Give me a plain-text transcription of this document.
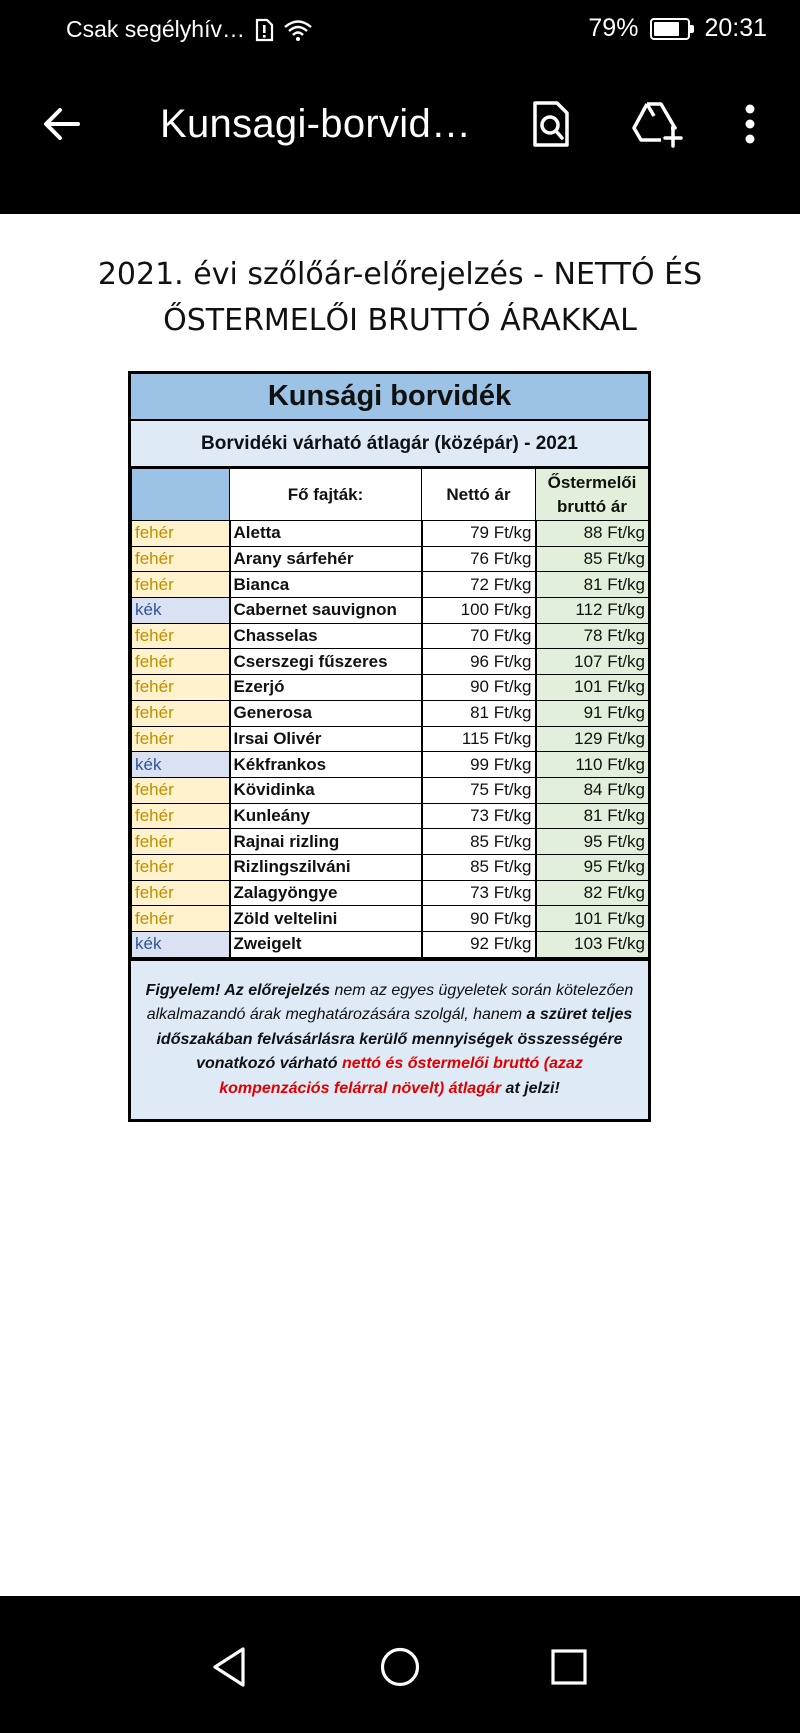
Csak segélyhív…	79%	20:31
Kunsagi-borvid…
2021. évi szőlőár-előrejelzés - NETTÓ ÉS ŐSTERMELŐI BRUTTÓ ÁRAKKAL
Kunsági borvidék
Borvidéki várható átlagár (középár) - 2021
	Fő fajták:	Nettó ár	Őstermelői bruttó ár
fehér	Aletta	79 Ft/kg	88 Ft/kg
fehér	Arany sárfehér	76 Ft/kg	85 Ft/kg
fehér	Bianca	72 Ft/kg	81 Ft/kg
kék	Cabernet sauvignon	100 Ft/kg	112 Ft/kg
fehér	Chasselas	70 Ft/kg	78 Ft/kg
fehér	Cserszegi fűszeres	96 Ft/kg	107 Ft/kg
fehér	Ezerjó	90 Ft/kg	101 Ft/kg
fehér	Generosa	81 Ft/kg	91 Ft/kg
fehér	Irsai Olivér	115 Ft/kg	129 Ft/kg
kék	Kékfrankos	99 Ft/kg	110 Ft/kg
fehér	Kövidinka	75 Ft/kg	84 Ft/kg
fehér	Kunleány	73 Ft/kg	81 Ft/kg
fehér	Rajnai rizling	85 Ft/kg	95 Ft/kg
fehér	Rizlingszilváni	85 Ft/kg	95 Ft/kg
fehér	Zalagyöngye	73 Ft/kg	82 Ft/kg
fehér	Zöld veltelini	90 Ft/kg	101 Ft/kg
kék	Zweigelt	92 Ft/kg	103 Ft/kg
Figyelem! Az előrejelzés nem az egyes ügyeletek során kötelezően alkalmazandó árak meghatározására szolgál, hanem a szüret teljes időszakában felvásárlásra kerülő mennyiségek összességére vonatkozó várható nettó és őstermelői bruttó (azaz kompenzációs felárral növelt) átlagár at jelzi!
